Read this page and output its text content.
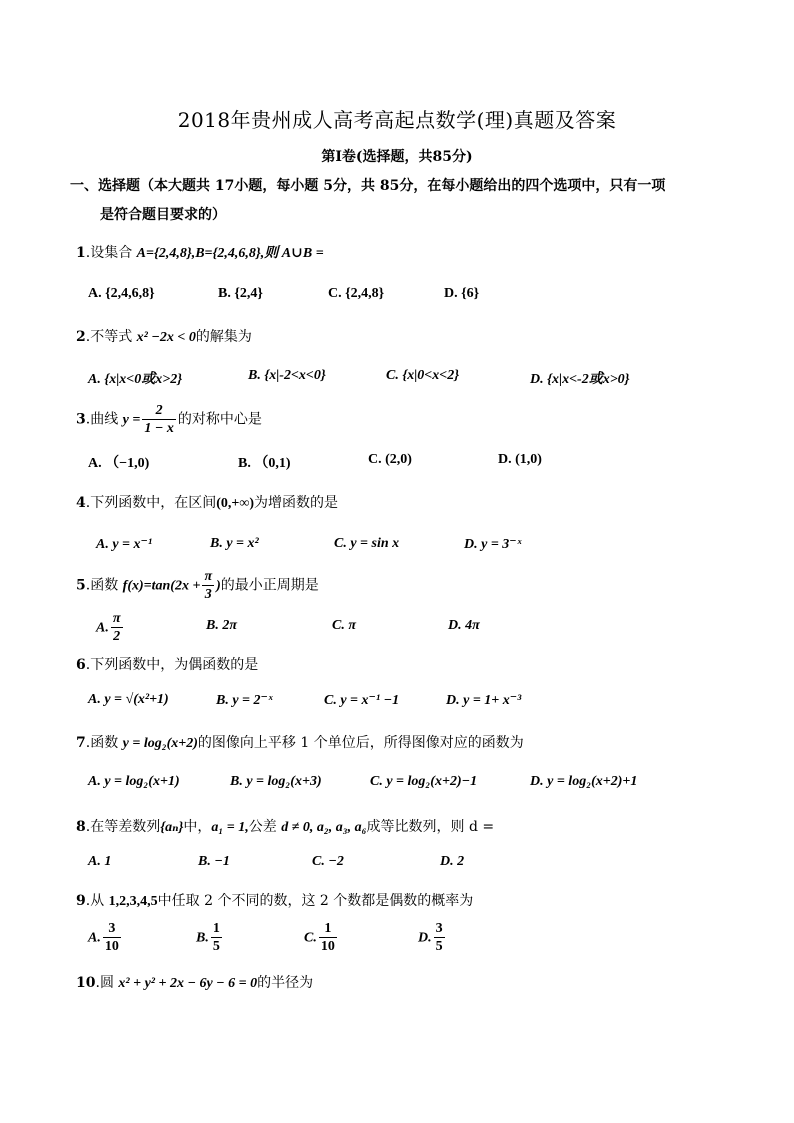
2018年贵州成人高考高起点数学(理)真题及答案
第Ⅰ卷(选择题，共85分)
一、选择题（本大题共 17小题，每小题 5分，共 85分，在每小题给出的四个选项中，只有一项
是符合题目要求的）
1.设集合 A={2,4,8},B={2,4,6,8},则 A∪B =
A. {2,4,6,8}	B. {2,4}	C. {2,4,8}	D. {6}
2.不等式 x² −2x < 0的解集为
A. {x|x<0或x>2}	B. {x|-2<x<0}	C. {x|0<x<2}	D. {x|x<-2或x>0}
3.曲线 $y = \frac{2}{1 - x}$ 的对称中心是
A. （−1,0)	B. （0,1)	C. (2,0)	D. (1,0)
4.下列函数中，在区间(0,+∞)为增函数的是
A. y = x⁻¹	B. y = x²	C. y = sin x	D. y = 3⁻ˣ
5.函数 $f(x)=\tan(2x + \frac{\pi}{3}$ )的最小正周期是
A. $\frac{\pi}{2}$	B. 2π	C. π	D. 4π
6.下列函数中，为偶函数的是
A. y = √(x²+1)	B. y = 2⁻ˣ	C. y = x⁻¹ −1	D. y = 1+ x⁻³
7.函数 y = log₂(x+2)的图像向上平移 1 个单位后，所得图像对应的函数为
A. y = log₂(x+1)	B. y = log₂(x+3)	C. y = log₂(x+2)−1	D. y = log₂(x+2)+1
8.在等差数列{aₙ}中，a₁ = 1,公差 d ≠ 0, a₂, a₃, a₆成等比数列，则 d =
A. 1	B. −1	C. −2	D. 2
9.从 1,2,3,4,5中任取 2 个不同的数，这 2 个数都是偶数的概率为
A. $\frac{3}{10}$	B. $\frac{1}{5}$	C. $\frac{1}{10}$	D. $\frac{3}{5}$
10.圆 x² + y² + 2x − 6y − 6 = 0的半径为
